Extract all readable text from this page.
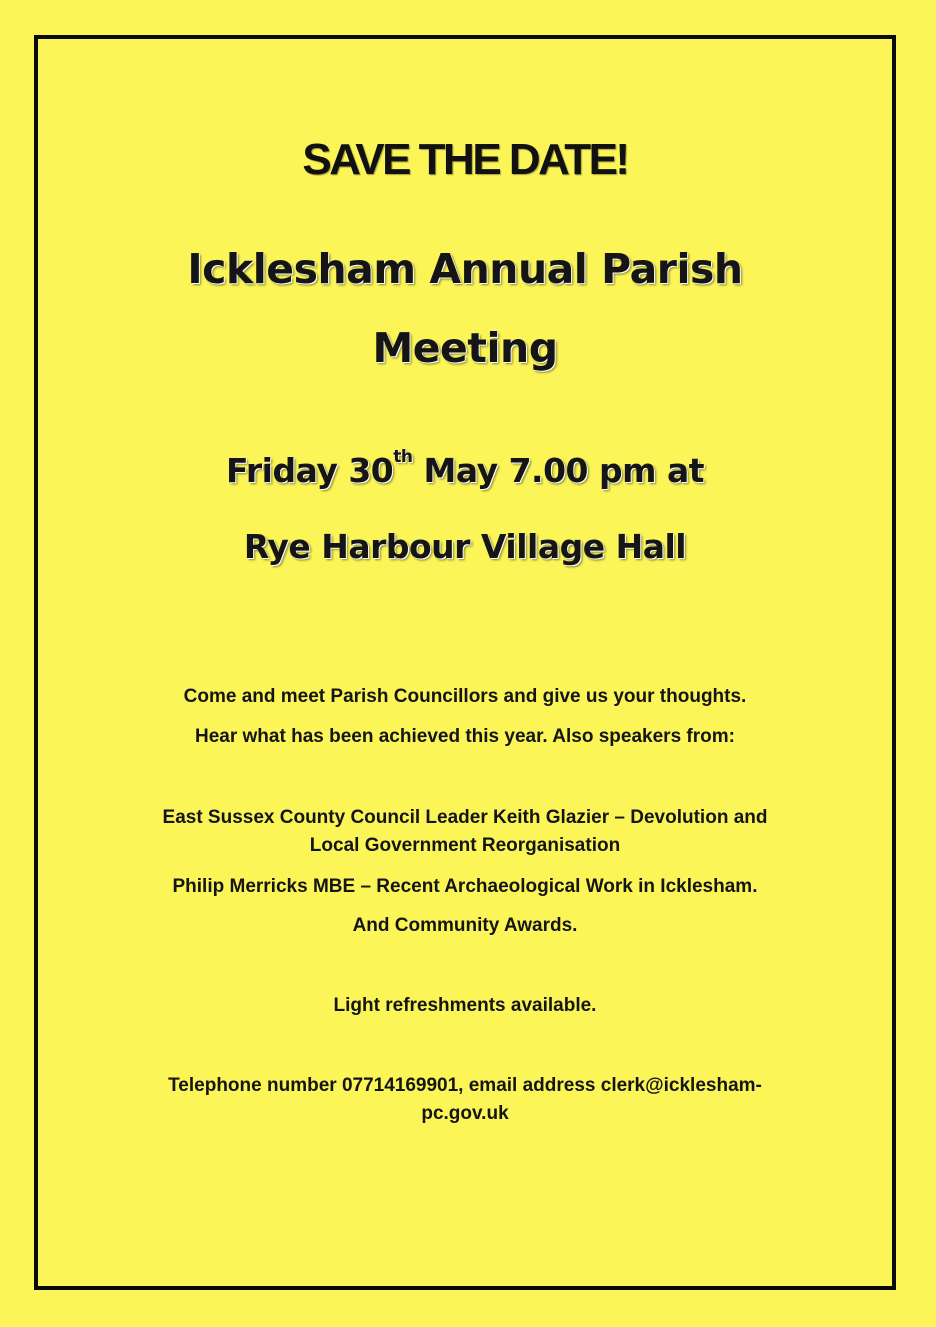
SAVE THE DATE!
Icklesham Annual Parish
Meeting
Friday 30th May 7.00 pm at
Rye Harbour Village Hall
Come and meet Parish Councillors and give us your thoughts.
Hear what has been achieved this year. Also speakers from:
East Sussex County Council Leader Keith Glazier – Devolution and
Local Government Reorganisation
Philip Merricks MBE – Recent Archaeological Work in Icklesham.
And Community Awards.
Light refreshments available.
Telephone number 07714169901, email address clerk@icklesham-
pc.gov.uk
